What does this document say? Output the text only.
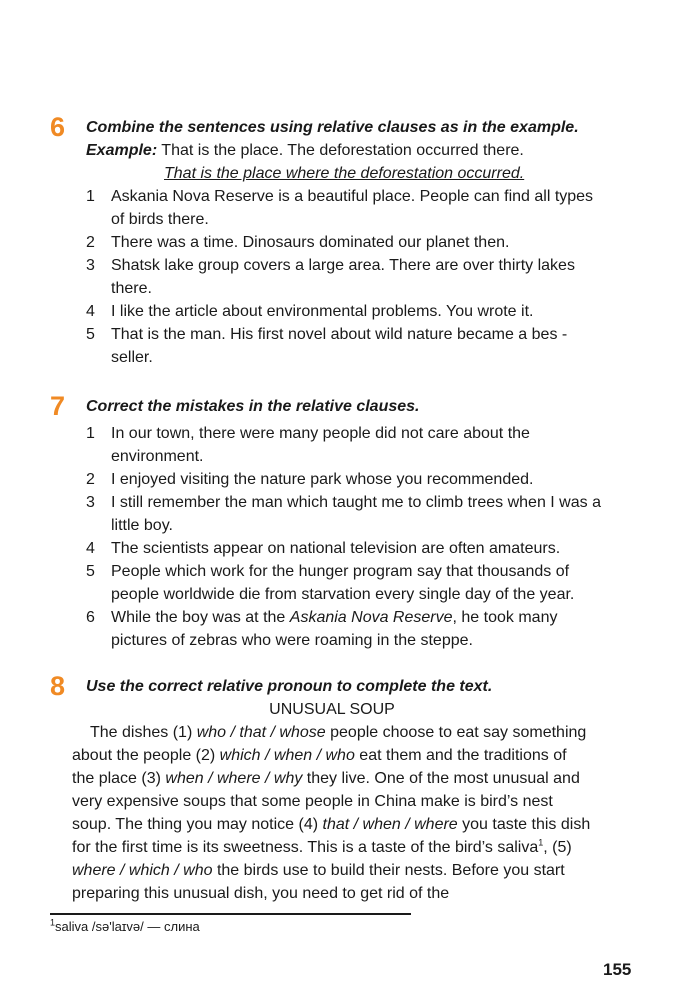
6 Combine the sentences using relative clauses as in the example.
Example: That is the place. The deforestation occurred there.
That is the place where the deforestation occurred.
1 Askania Nova Reserve is a beautiful place. People can find all types of birds there.
2 There was a time. Dinosaurs dominated our planet then.
3 Shatsk lake group covers a large area. There are over thirty lakes there.
4 I like the article about environmental problems. You wrote it.
5 That is the man. His first novel about wild nature became a bes - seller.
7 Correct the mistakes in the relative clauses.
1 In our town, there were many people did not care about the environment.
2 I enjoyed visiting the nature park whose you recommended.
3 I still remember the man which taught me to climb trees when I was a little boy.
4 The scientists appear on national television are often amateurs.
5 People which work for the hunger program say that thousands of people worldwide die from starvation every single day of the year.
6 While the boy was at the Askania Nova Reserve, he took many pictures of zebras who were roaming in the steppe.
8 Use the correct relative pronoun to complete the text.
UNUSUAL SOUP
The dishes (1) who / that / whose people choose to eat say something about the people (2) which / when / who eat them and the traditions of the place (3) when / where / why they live. One of the most unusual and very expensive soups that some people in China make is bird’s nest soup. The thing you may notice (4) that / when / where you taste this dish for the first time is its sweetness. This is a taste of the bird’s saliva$^1$, (5) where / which / who the birds use to build their nests. Before you start preparing this unusual dish, you need to get rid of the
$^1$saliva /sə'laɪvə/ — слина
155
